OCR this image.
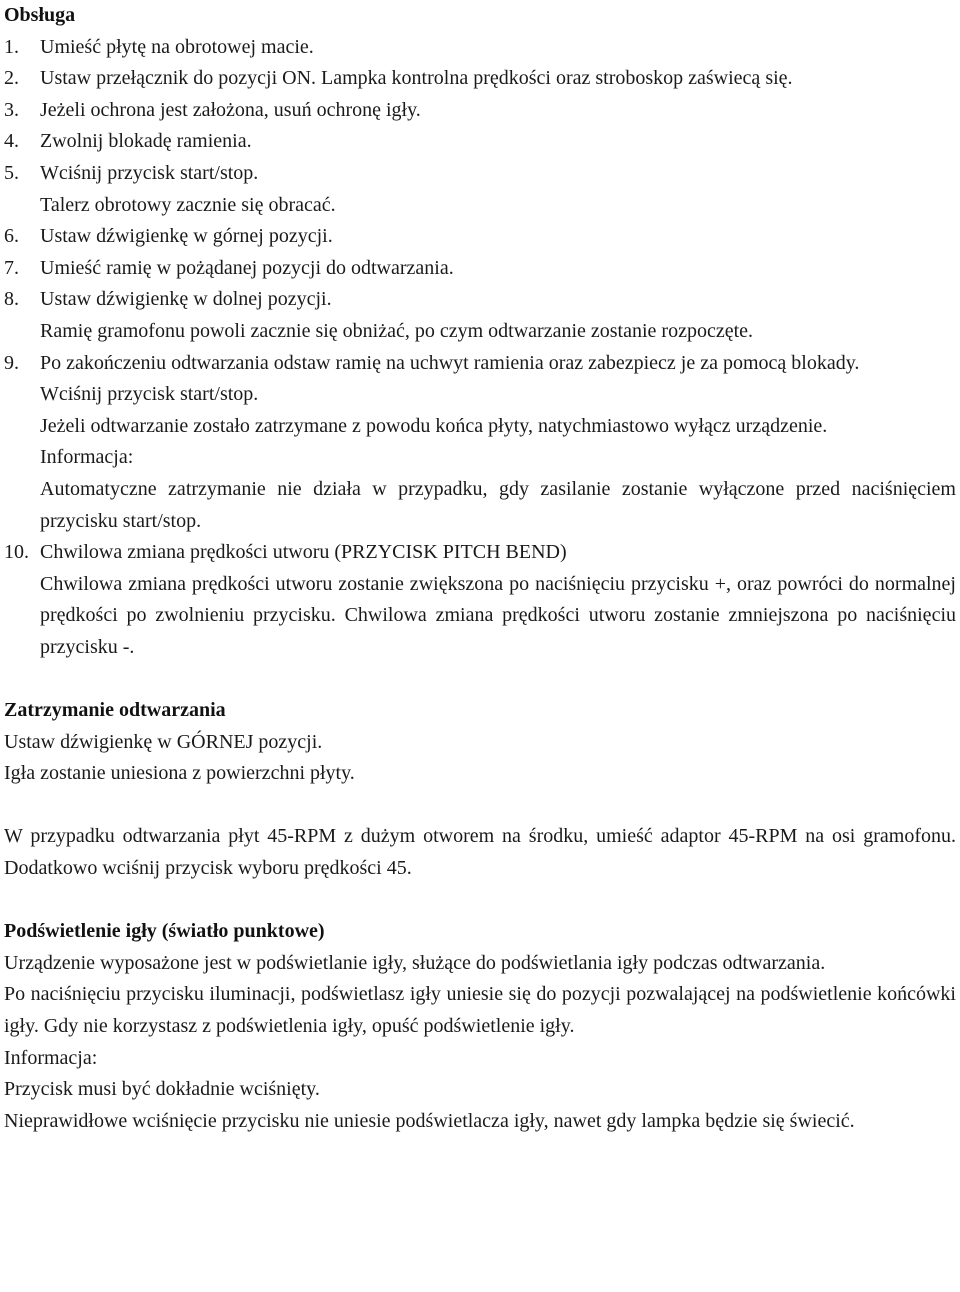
Obsługa
1.	Umieść płytę na obrotowej macie.
2.	Ustaw przełącznik do pozycji ON. Lampka kontrolna prędkości oraz stroboskop zaświecą się.
3.	Jeżeli ochrona jest założona, usuń ochronę igły.
4.	Zwolnij blokadę ramienia.
5.	Wciśnij przycisk start/stop.
Talerz obrotowy zacznie się obracać.
6.	Ustaw dźwigienkę w górnej pozycji.
7.	Umieść ramię w pożądanej pozycji do odtwarzania.
8.	Ustaw dźwigienkę w dolnej pozycji.
Ramię gramofonu powoli zacznie się obniżać, po czym odtwarzanie zostanie rozpoczęte.
9.	Po zakończeniu odtwarzania odstaw ramię na uchwyt ramienia oraz zabezpiecz je za pomocą blokady.
Wciśnij przycisk start/stop.
Jeżeli odtwarzanie zostało zatrzymane z powodu końca płyty, natychmiastowo wyłącz urządzenie.
Informacja:
Automatyczne zatrzymanie nie działa w przypadku, gdy zasilanie zostanie wyłączone przed naciśnięciem przycisku start/stop.
10. Chwilowa zmiana prędkości utworu (PRZYCISK PITCH BEND)
Chwilowa zmiana prędkości utworu zostanie zwiększona po naciśnięciu przycisku +, oraz powróci do normalnej prędkości po zwolnieniu przycisku. Chwilowa zmiana prędkości utworu zostanie zmniejszona po naciśnięciu przycisku -.
Zatrzymanie odtwarzania

Ustaw dźwigienkę w GÓRNEJ pozycji.

Igła zostanie uniesiona z powierzchni płyty.

W przypadku odtwarzania płyt 45-RPM z dużym otworem na środku, umieść adaptor 45-RPM na osi gramofonu. Dodatkowo wciśnij przycisk wyboru prędkości 45.

Podświetlenie igły (światło punktowe)

Urządzenie wyposażone jest w podświetlanie igły, służące do podświetlania igły podczas odtwarzania.

Po naciśnięciu przycisku iluminacji, podświetlasz igły uniesie się do pozycji pozwalającej na podświetlenie końcówki igły. Gdy nie korzystasz z podświetlenia igły, opuść podświetlenie igły.

Informacja:

Przycisk musi być dokładnie wciśnięty.

Nieprawidłowe wciśnięcie przycisku nie uniesie podświetlacza igły, nawet gdy lampka będzie się świecić.
